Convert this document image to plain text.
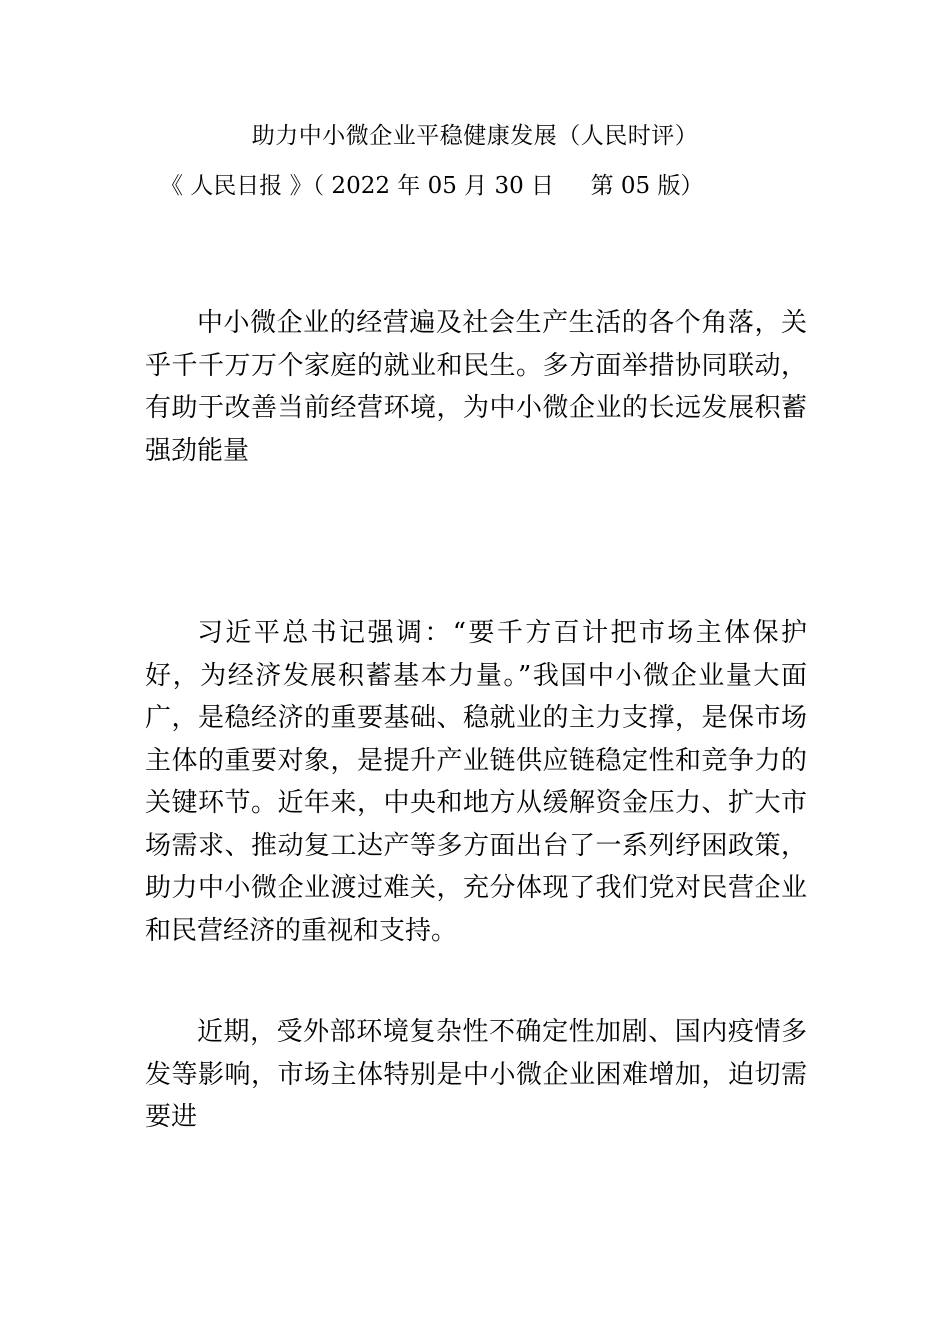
助力中小微企业平稳健康发展（人民时评）
《 人民日报 》（ 2022 年 05 月 30 日     第 05 版）

中小微企业的经营遍及社会生产生活的各个角落，关乎千千万万个家庭的就业和民生。多方面举措协同联动，有助于改善当前经营环境，为中小微企业的长远发展积蓄强劲能量

习近平总书记强调：“要千方百计把市场主体保护好，为经济发展积蓄基本力量。”我国中小微企业量大面广，是稳经济的重要基础、稳就业的主力支撑，是保市场主体的重要对象，是提升产业链供应链稳定性和竞争力的关键环节。近年来，中央和地方从缓解资金压力、扩大市场需求、推动复工达产等多方面出台了一系列纾困政策，助力中小微企业渡过难关，充分体现了我们党对民营企业和民营经济的重视和支持。

近期，受外部环境复杂性不确定性加剧、国内疫情多发等影响，市场主体特别是中小微企业困难增加，迫切需要进
